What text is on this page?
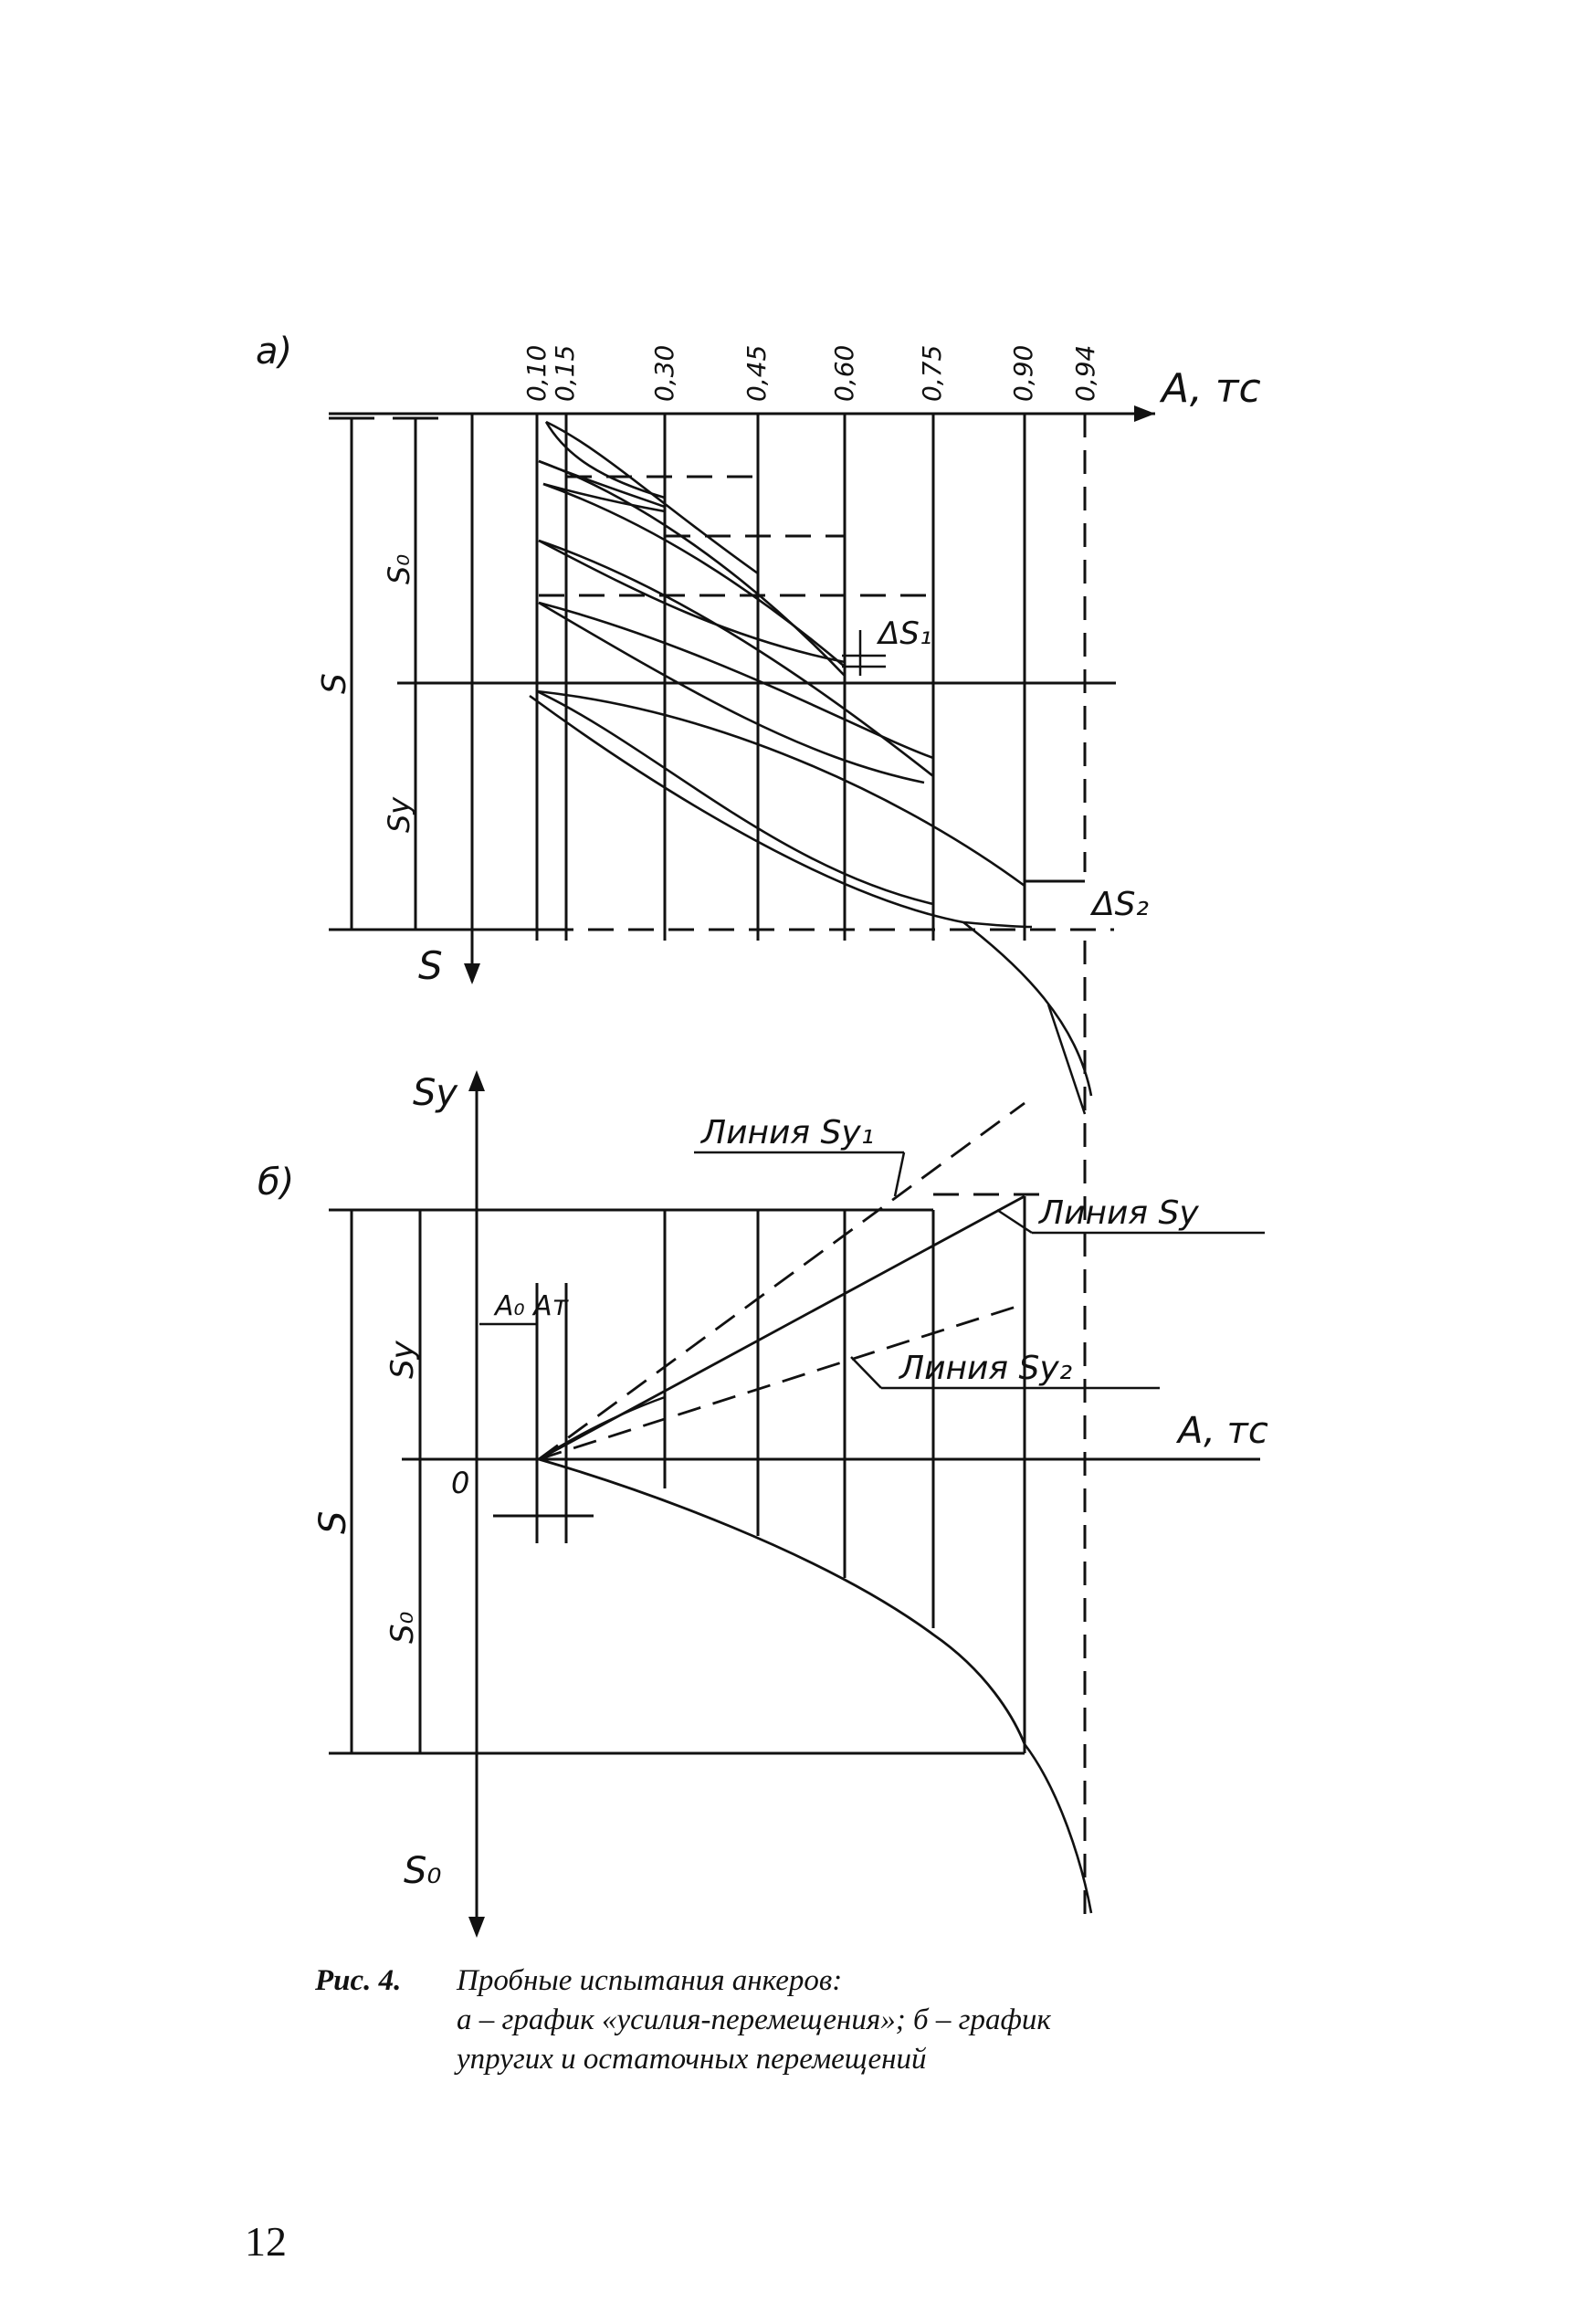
а)	0,10
0,15	0,30 0,45 0,60 0,75 0,90 0,94 A, тс
S
S
S₀
Sу
ΔS₁
ΔS₂
б)
Sу
S₀
A, тс
0
S
Sу
S₀
A₀ Aт
Линия Sу₁
Линия Sу
Линия Sу₂
Рис. 4. Пробные испытания анкеров:
а – график «усилия-перемещения»; б – график
упругих и остаточных перемещений
12
